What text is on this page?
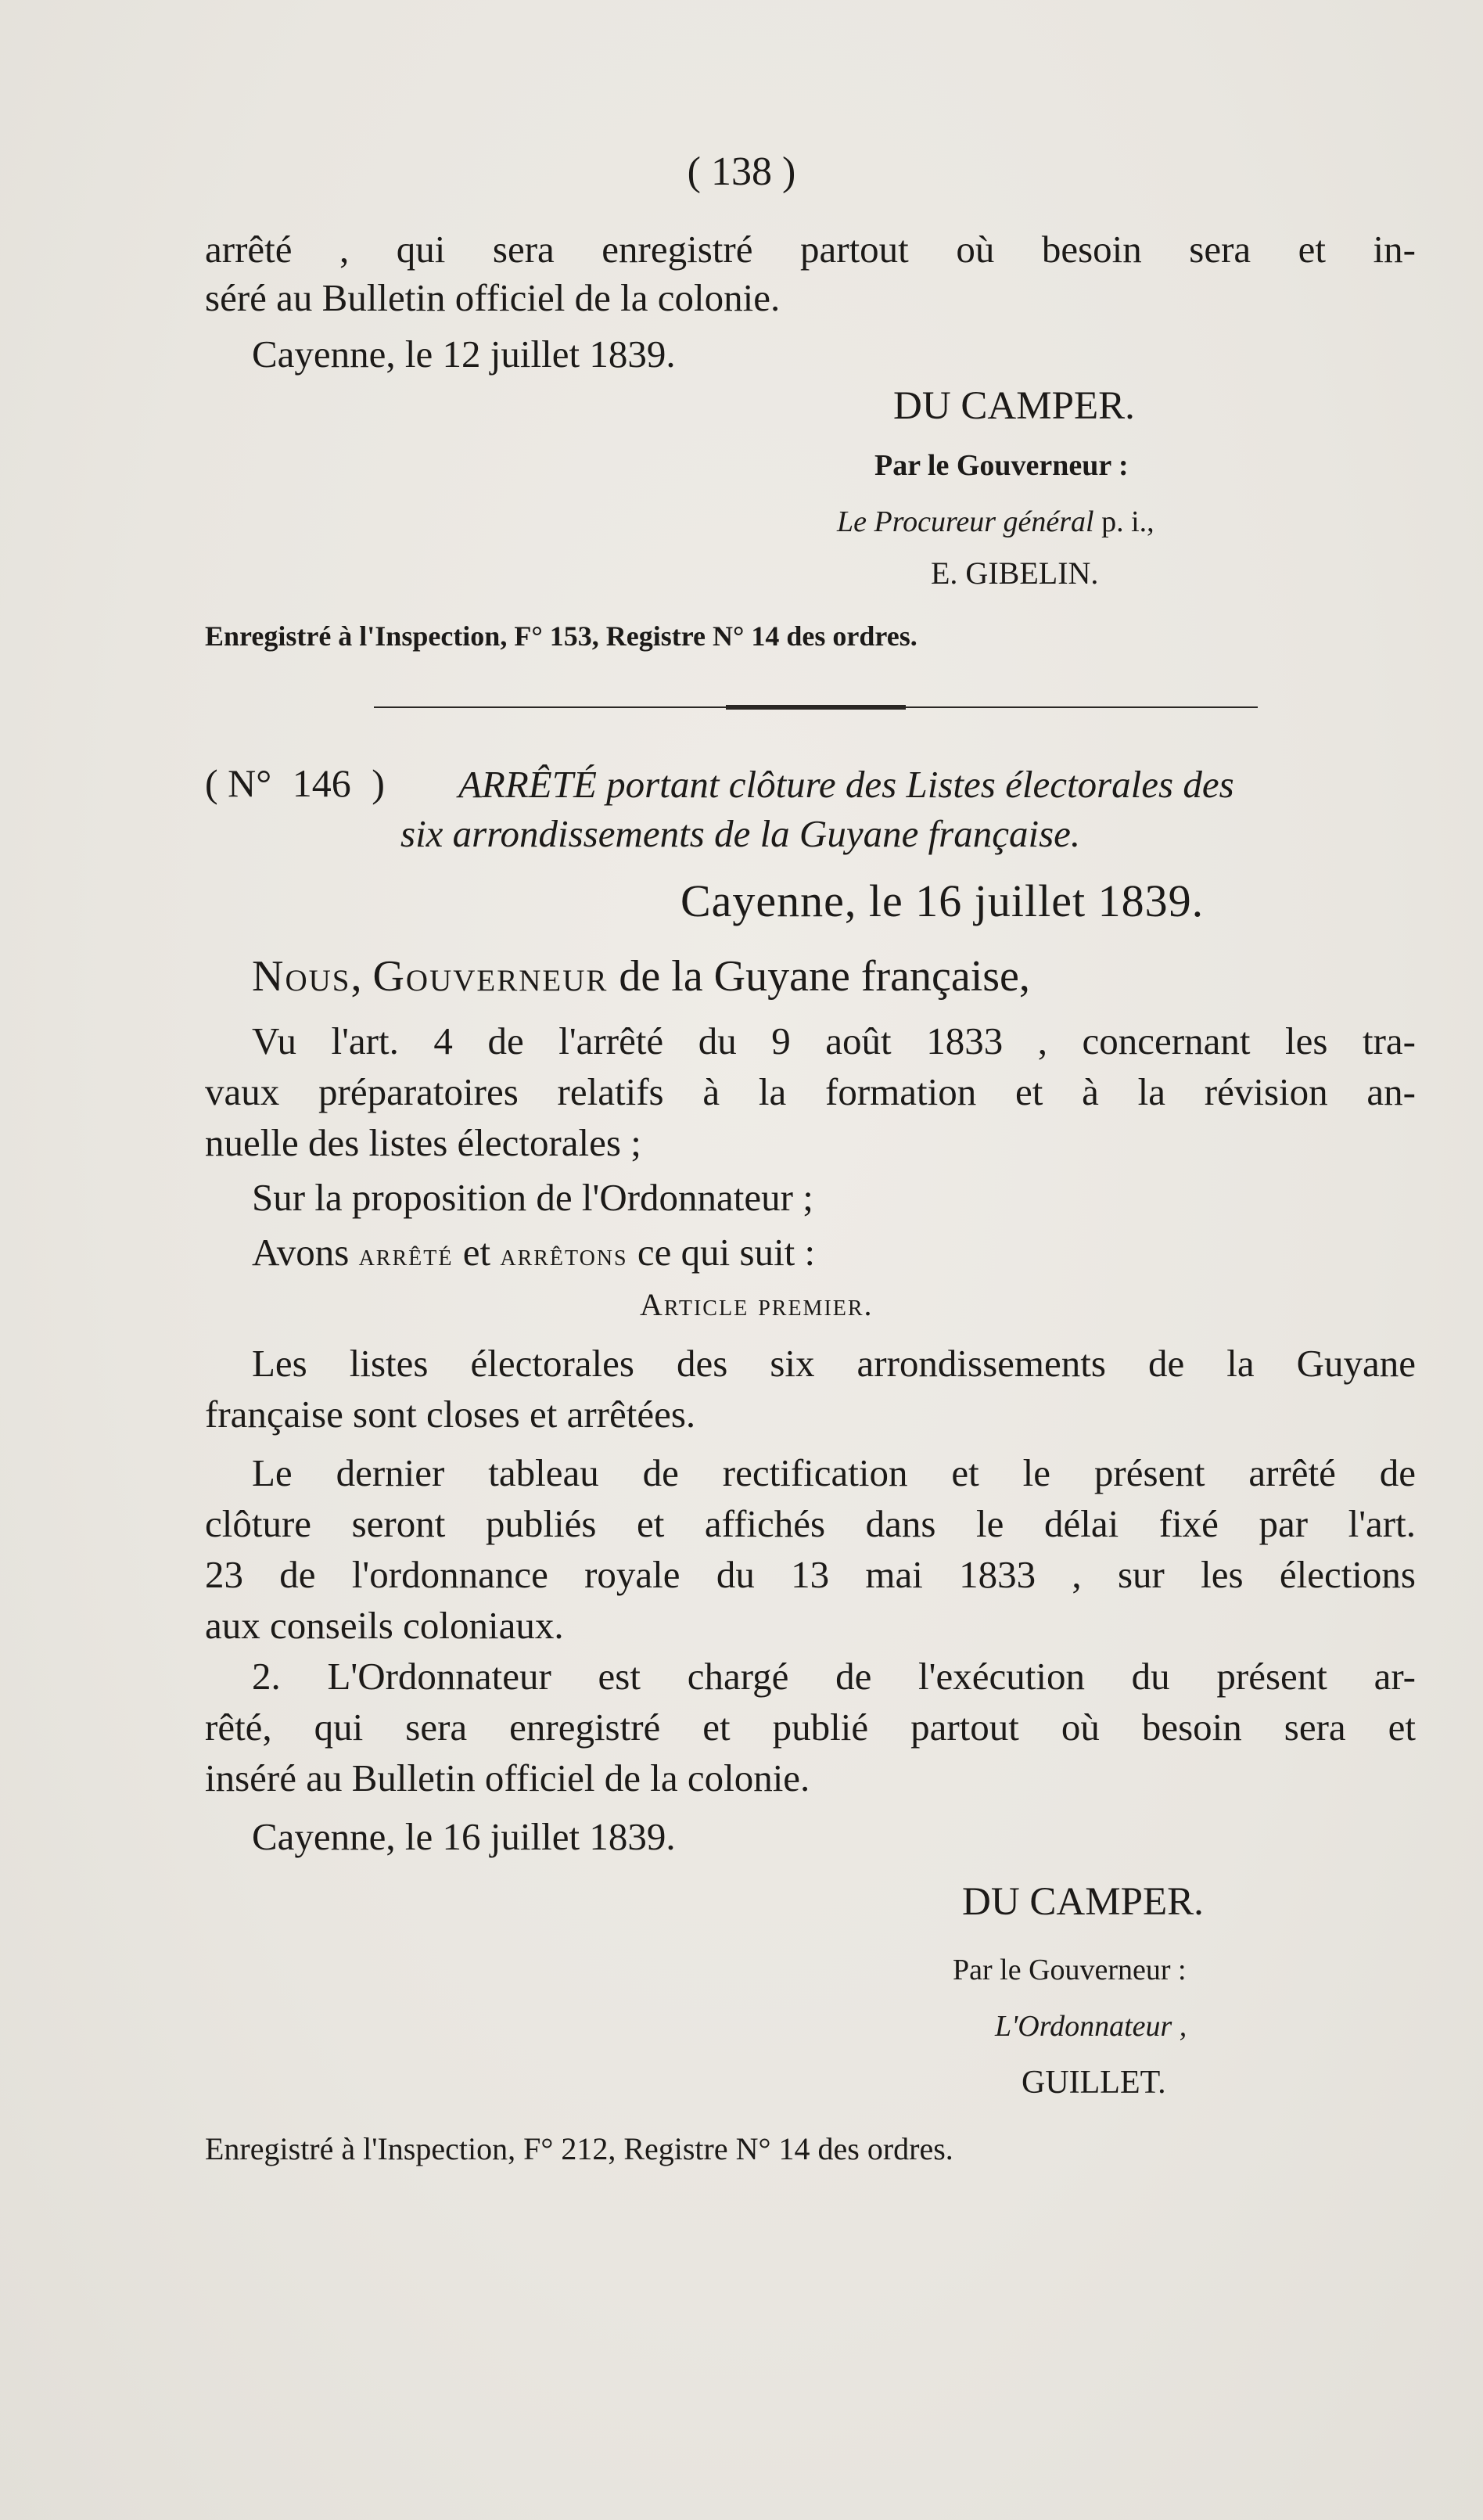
( 138 )
arrêté , qui sera enregistré partout où besoin sera et in-
séré au Bulletin officiel de la colonie.
Cayenne, le 12 juillet 1839.
DU CAMPER.
Par le Gouverneur :
Le Procureur général p. i.,
E. GIBELIN.
Enregistré à l'Inspection, F° 153, Registre N° 14 des ordres.
( N° 146 ) ARRÊTÉ portant clôture des Listes électorales des
six arrondissements de la Guyane française.
Cayenne, le 16 juillet 1839.
Nous, Gouverneur de la Guyane française,
Vu l'art. 4 de l'arrêté du 9 août 1833 , concernant les tra-
vaux préparatoires relatifs à la formation et à la révision an-
nuelle des listes électorales ;
Sur la proposition de l'Ordonnateur ;
Avons arrêté et arrêtons ce qui suit :
Article premier.
Les listes électorales des six arrondissements de la Guyane
française sont closes et arrêtées.
Le dernier tableau de rectification et le présent arrêté de
clôture seront publiés et affichés dans le délai fixé par l'art.
23 de l'ordonnance royale du 13 mai 1833 , sur les élections
aux conseils coloniaux.
2. L'Ordonnateur est chargé de l'exécution du présent ar-
rêté, qui sera enregistré et publié partout où besoin sera et
inséré au Bulletin officiel de la colonie.
Cayenne, le 16 juillet 1839.
DU CAMPER.
Par le Gouverneur :
L'Ordonnateur ,
GUILLET.
Enregistré à l'Inspection, F° 212, Registre N° 14 des ordres.
